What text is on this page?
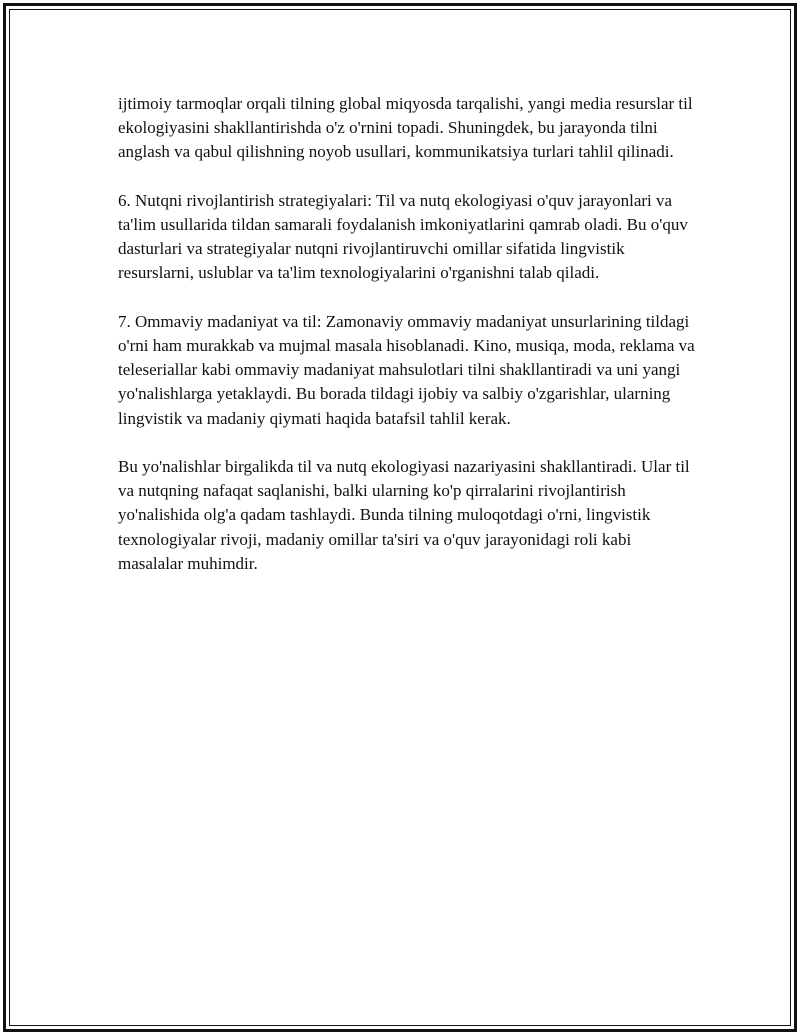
ijtimoiy tarmoqlar orqali tilning global miqyosda tarqalishi, yangi media resurslar til ekologiyasini shakllantirishda o'z o'rnini topadi. Shuningdek, bu jarayonda tilni anglash va qabul qilishning noyob usullari, kommunikatsiya turlari tahlil qilinadi.

6. Nutqni rivojlantirish strategiyalari: Til va nutq ekologiyasi o'quv jarayonlari va ta'lim usullarida tildan samarali foydalanish imkoniyatlarini qamrab oladi. Bu o'quv dasturlari va strategiyalar nutqni rivojlantiruvchi omillar sifatida lingvistik resurslarni, uslublar va ta'lim texnologiyalarini o'rganishni talab qiladi.

7. Ommaviy madaniyat va til: Zamonaviy ommaviy madaniyat unsurlarining tildagi o'rni ham murakkab va mujmal masala hisoblanadi. Kino, musiqa, moda, reklama va teleseriallar kabi ommaviy madaniyat mahsulotlari tilni shakllantiradi va uni yangi yo'nalishlarga yetaklaydi. Bu borada tildagi ijobiy va salbiy o'zgarishlar, ularning lingvistik va madaniy qiymati haqida batafsil tahlil kerak.

Bu yo'nalishlar birgalikda til va nutq ekologiyasi nazariyasini shakllantiradi. Ular til va nutqning nafaqat saqlanishi, balki ularning ko'p qirralarini rivojlantirish yo'nalishida olg'a qadam tashlaydi. Bunda tilning muloqotdagi o'rni, lingvistik texnologiyalar rivoji, madaniy omillar ta'siri va o'quv jarayonidagi roli kabi masalalar muhimdir.
